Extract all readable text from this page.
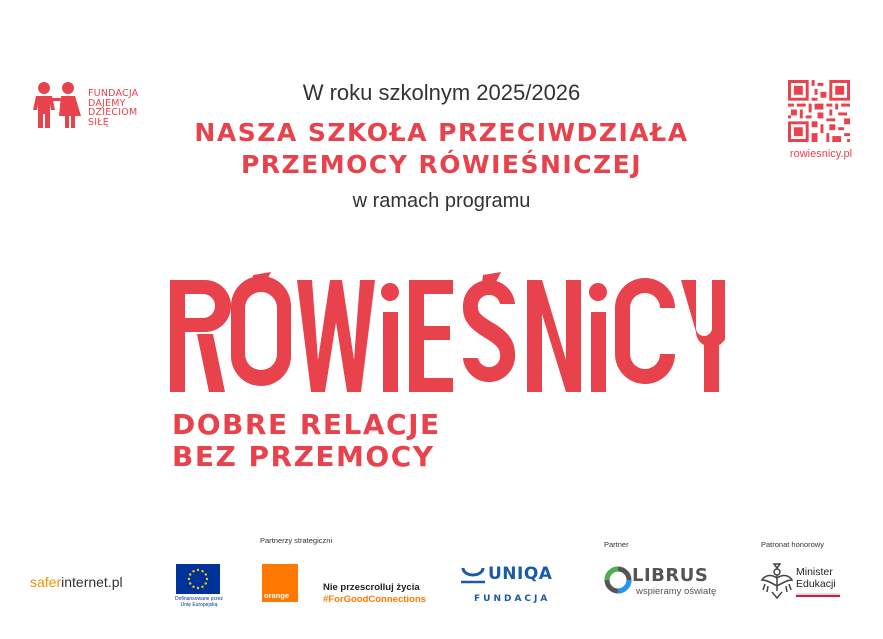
FUNDACJA
DAJEMY
DZIECIOM
SIŁĘ
W roku szkolnym 2025/2026
NASZA SZKOŁA PRZECIWDZIAŁA
PRZEMOCY RÓWIEŚNICZEJ
w ramach programu
rowiesnicy.pl
DOBRE RELACJE
BEZ PRZEMOCY
Partnerzy strategiczni	Partner	Patronat honorowy
saferinternet.pl
Dofinansowane przez Unię Europejską
orange
Nie przescrolluj życia
#ForGoodConnections
UNIQA
FUNDACJA
LIBRUS
wspieramy oświatę
Minister
Edukacji
